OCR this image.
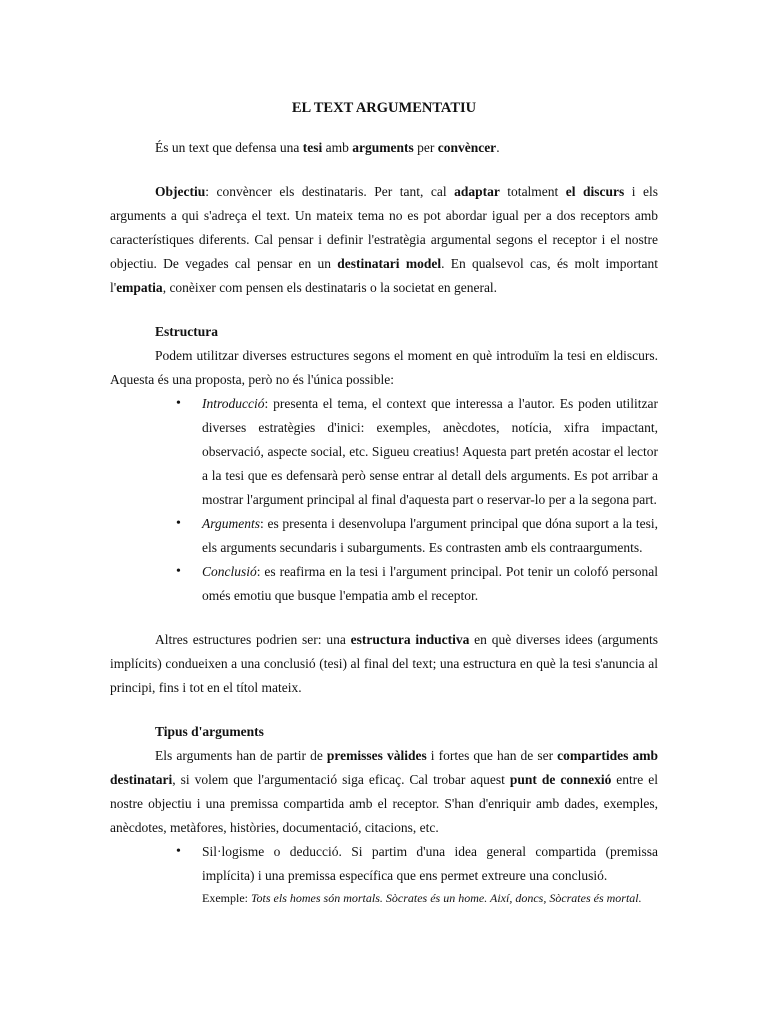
EL TEXT ARGUMENTATIU

És un text que defensa una tesi amb arguments per convèncer.

Objectiu: convèncer els destinataris. Per tant, cal adaptar totalment el discurs i els arguments a qui s'adreça el text. Un mateix tema no es pot abordar igual per a dos receptors amb característiques diferents. Cal pensar i definir l'estratègia argumental segons el receptor i el nostre objectiu. De vegades cal pensar en un destinatari model. En qualsevol cas, és molt important l'empatia, conèixer com pensen els destinataris o la societat en general.

Estructura

Podem utilitzar diverses estructures segons el moment en què introduïm la tesi en eldiscurs. Aquesta és una proposta, però no és l'única possible:

• Introducció: presenta el tema, el context que interessa a l'autor. Es poden utilitzar diverses estratègies d'inici: exemples, anècdotes, notícia, xifra impactant, observació, aspecte social, etc. Sigueu creatius! Aquesta part pretén acostar el lector a la tesi que es defensarà però sense entrar al detall dels arguments. Es pot arribar a mostrar l'argument principal al final d'aquesta part o reservar-lo per a la segona part.
• Arguments: es presenta i desenvolupa l'argument principal que dóna suport a la tesi, els arguments secundaris i subarguments. Es contrasten amb els contraarguments.
• Conclusió: es reafirma en la tesi i l'argument principal. Pot tenir un colofó personal omés emotiu que busque l'empatia amb el receptor.

Altres estructures podrien ser: una estructura inductiva en què diverses idees (arguments implícits) condueixen a una conclusió (tesi) al final del text; una estructura en què la tesi s'anuncia al principi, fins i tot en el títol mateix.

Tipus d'arguments

Els arguments han de partir de premisses vàlides i fortes que han de ser compartides amb destinatari, si volem que l'argumentació siga eficaç. Cal trobar aquest punt de connexió entre el nostre objectiu i una premissa compartida amb el receptor. S'han d'enriquir amb dades, exemples, anècdotes, metàfores, històries, documentació, citacions, etc.

• Sil·logisme o deducció. Si partim d'una idea general compartida (premissa implícita) i una premissa específica que ens permet extreure una conclusió.
Exemple: Tots els homes són mortals. Sòcrates és un home. Així, doncs, Sòcrates és mortal.
